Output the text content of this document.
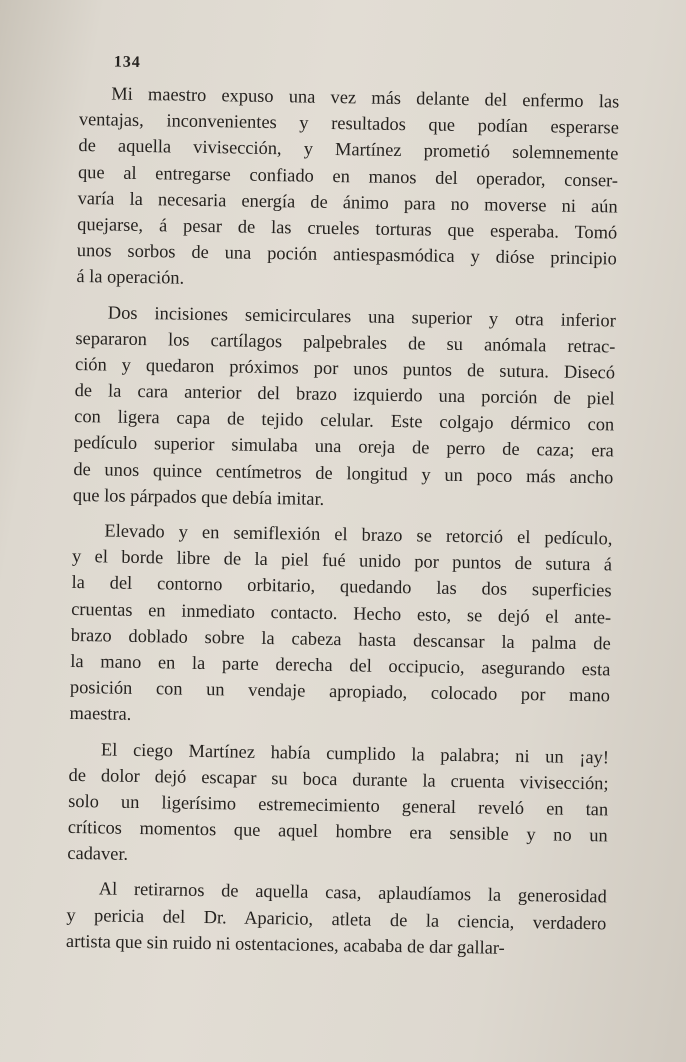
134
Mi maestro expuso una vez más delante del enfermo las
ventajas, inconvenientes y resultados que podían esperarse
de aquella vivisección, y Martínez prometió solemnemente
que al entregarse confiado en manos del operador, conser-
varía la necesaria energía de ánimo para no moverse ni aún
quejarse, á pesar de las crueles torturas que esperaba. Tomó
unos sorbos de una poción antiespasmódica y dióse principio
á la operación.
Dos incisiones semicirculares una superior y otra inferior
separaron los cartílagos palpebrales de su anómala retrac-
ción y quedaron próximos por unos puntos de sutura. Disecó
de la cara anterior del brazo izquierdo una porción de piel
con ligera capa de tejido celular. Este colgajo dérmico con
pedículo superior simulaba una oreja de perro de caza; era
de unos quince centímetros de longitud y un poco más ancho
que los párpados que debía imitar.
Elevado y en semiflexión el brazo se retorció el pedículo,
y el borde libre de la piel fué unido por puntos de sutura á
la del contorno orbitario, quedando las dos superficies
cruentas en inmediato contacto. Hecho esto, se dejó el ante-
brazo doblado sobre la cabeza hasta descansar la palma de
la mano en la parte derecha del occipucio, asegurando esta
posición con un vendaje apropiado, colocado por mano
maestra.
El ciego Martínez había cumplido la palabra; ni un ¡ay!
de dolor dejó escapar su boca durante la cruenta vivisección;
solo un ligerísimo estremecimiento general reveló en tan
críticos momentos que aquel hombre era sensible y no un
cadaver.
Al retirarnos de aquella casa, aplaudíamos la generosidad
y pericia del Dr. Aparicio, atleta de la ciencia, verdadero
artista que sin ruido ni ostentaciones, acababa de dar gallar-
